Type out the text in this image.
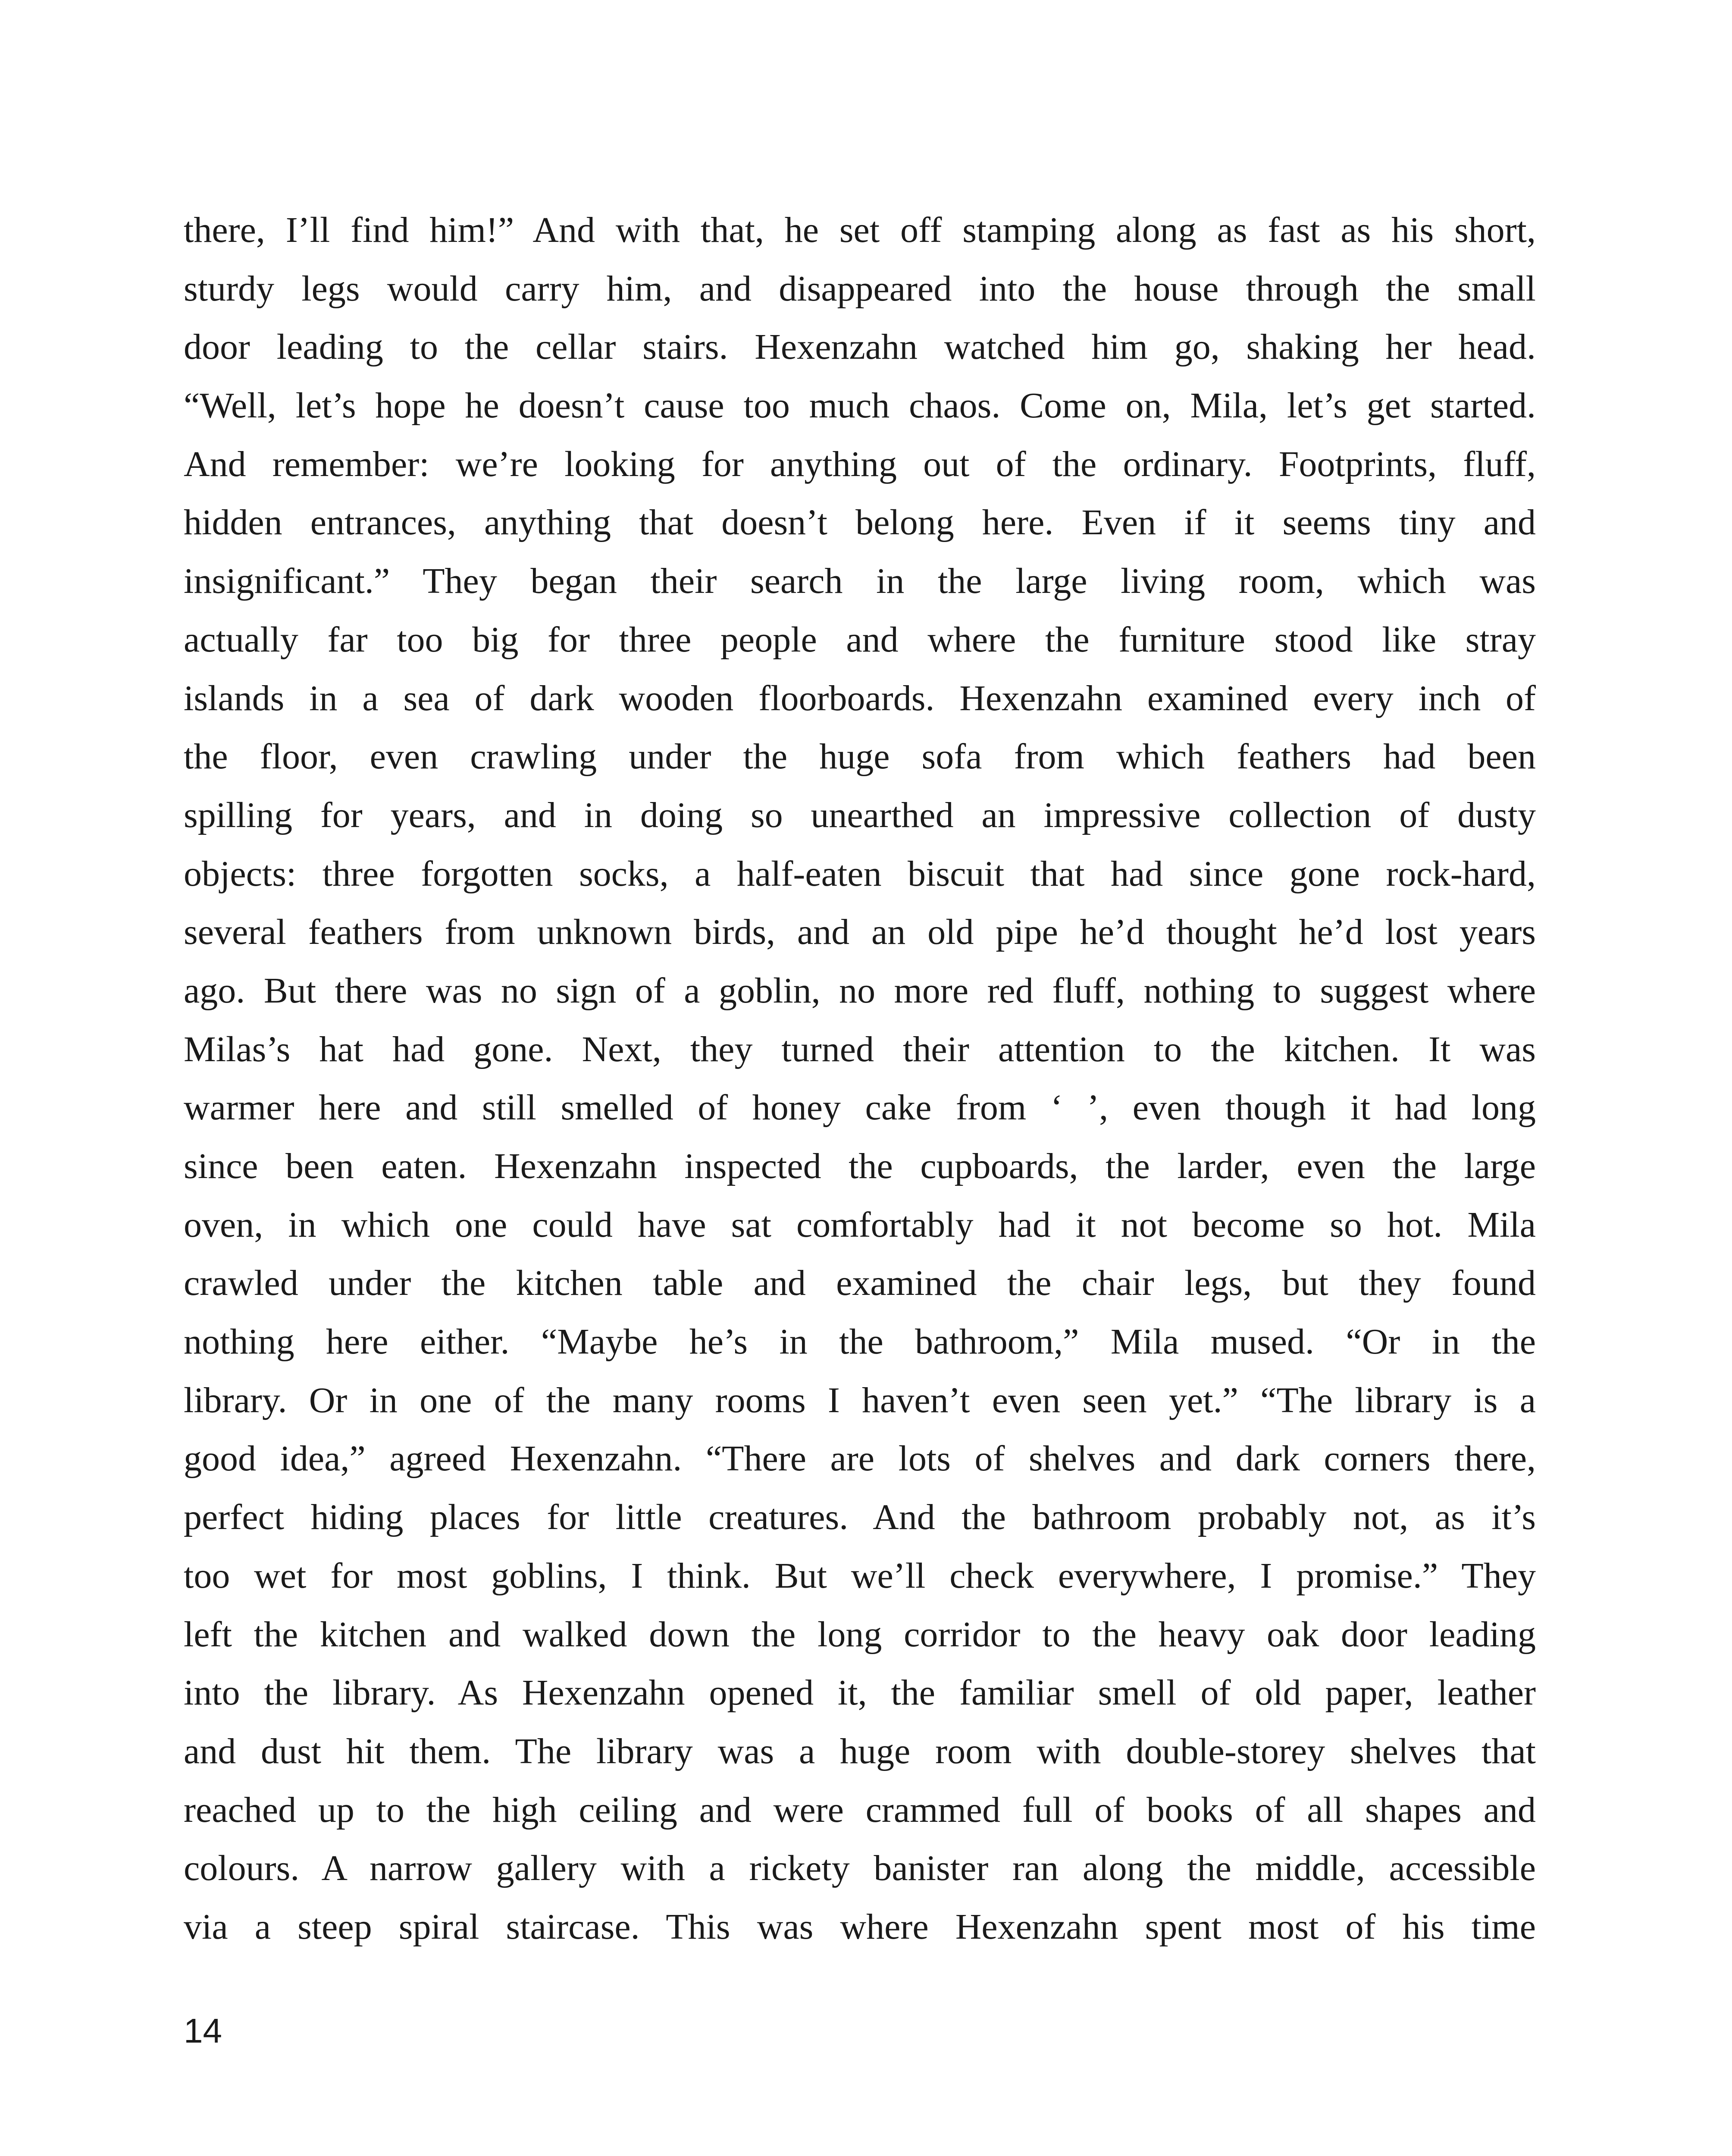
there, I’ll find him!” And with that, he set off stamping along as fast as his short,
sturdy legs would carry him, and disappeared into the house through the small
door leading to the cellar stairs. Hexenzahn watched him go, shaking her head.
“Well, let’s hope he doesn’t cause too much chaos. Come on, Mila, let’s get started.
And remember: we’re looking for anything out of the ordinary. Footprints, fluff,
hidden entrances, anything that doesn’t belong here. Even if it seems tiny and
insignificant.” They began their search in the large living room, which was
actually far too big for three people and where the furniture stood like stray
islands in a sea of dark wooden floorboards. Hexenzahn examined every inch of
the floor, even crawling under the huge sofa from which feathers had been
spilling for years, and in doing so unearthed an impressive collection of dusty
objects: three forgotten socks, a half-eaten biscuit that had since gone rock-hard,
several feathers from unknown birds, and an old pipe he’d thought he’d lost years
ago. But there was no sign of a goblin, no more red fluff, nothing to suggest where
Milas’s hat had gone. Next, they turned their attention to the kitchen. It was
warmer here and still smelled of honey cake from ‘ ’, even though it had long
since been eaten. Hexenzahn inspected the cupboards, the larder, even the large
oven, in which one could have sat comfortably had it not become so hot. Mila
crawled under the kitchen table and examined the chair legs, but they found
nothing here either. “Maybe he’s in the bathroom,” Mila mused. “Or in the
library. Or in one of the many rooms I haven’t even seen yet.” “The library is a
good idea,” agreed Hexenzahn. “There are lots of shelves and dark corners there,
perfect hiding places for little creatures. And the bathroom probably not, as it’s
too wet for most goblins, I think. But we’ll check everywhere, I promise.” They
left the kitchen and walked down the long corridor to the heavy oak door leading
into the library. As Hexenzahn opened it, the familiar smell of old paper, leather
and dust hit them. The library was a huge room with double-storey shelves that
reached up to the high ceiling and were crammed full of books of all shapes and
colours. A narrow gallery with a rickety banister ran along the middle, accessible
via a steep spiral staircase. This was where Hexenzahn spent most of his time
14
